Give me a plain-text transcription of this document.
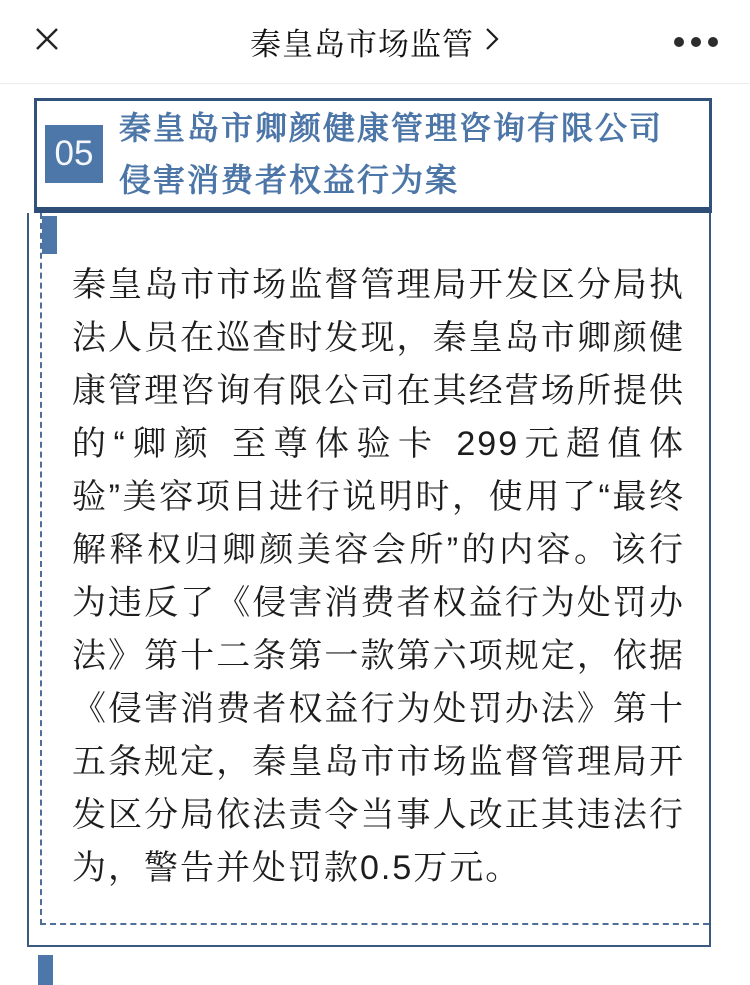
秦皇岛市场监管
05
秦皇岛市卿颜健康管理咨询有限公司
侵害消费者权益行为案

秦皇岛市市场监督管理局开发区分局执法人员在巡查时发现，秦皇岛市卿颜健康管理咨询有限公司在其经营场所提供的“卿颜 至尊体验卡 299元超值体验”美容项目进行说明时，使用了“最终解释权归卿颜美容会所”的内容。该行为违反了《侵害消费者权益行为处罚办法》第十二条第一款第六项规定，依据《侵害消费者权益行为处罚办法》第十五条规定，秦皇岛市市场监督管理局开发区分局依法责令当事人改正其违法行为，警告并处罚款0.5万元。
